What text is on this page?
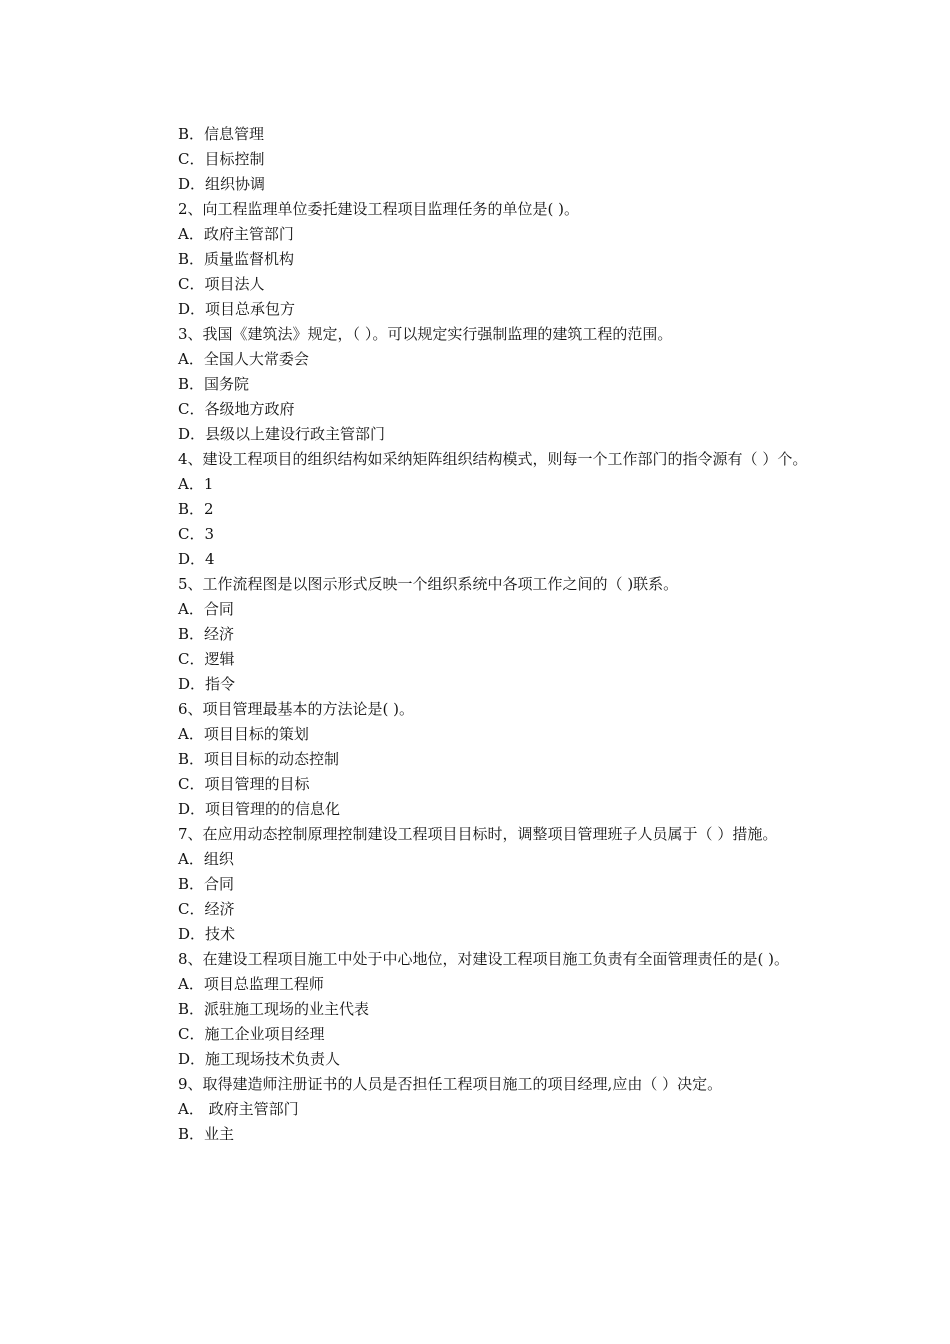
B．信息管理
C．目标控制
D．组织协调
2、向工程监理单位委托建设工程项目监理任务的单位是( )。
A．政府主管部门
B．质量监督机构
C．项目法人
D．项目总承包方
3、我国《建筑法》规定，（ ）。可以规定实行强制监理的建筑工程的范围。
A．全国人大常委会
B．国务院
C．各级地方政府
D．县级以上建设行政主管部门
4、建设工程项目的组织结构如采纳矩阵组织结构模式，则每一个工作部门的指令源有（ ）个。
A．1
B．2
C．3
D．4
5、工作流程图是以图示形式反映一个组织系统中各项工作之间的（ )联系。
A．合同
B．经济
C．逻辑
D．指令
6、项目管理最基本的方法论是( )。
A．项目目标的策划
B．项目目标的动态控制
C．项目管理的目标
D．项目管理的的信息化
7、在应用动态控制原理控制建设工程项目目标时，调整项目管理班子人员属于（ ）措施。
A．组织
B．合同
C．经济
D．技术
8、在建设工程项目施工中处于中心地位，对建设工程项目施工负责有全面管理责任的是( )。
A．项目总监理工程师
B．派驻施工现场的业主代表
C．施工企业项目经理
D．施工现场技术负责人
9、取得建造师注册证书的人员是否担任工程项目施工的项目经理,应由（ ）决定。
A． 政府主管部门
B．业主
